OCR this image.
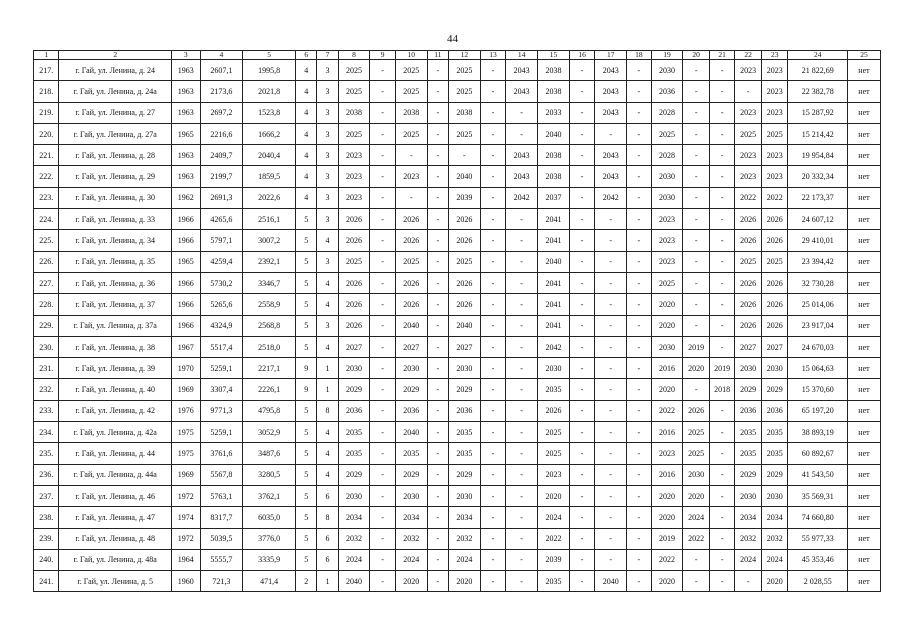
44
1	2	3	4	5	6	7	8	9	10	11	12	13	14	15	16	17	18	19	20	21	22	23	24	25
217.	г. Гай, ул. Ленина, д. 24	1963	2607,1	1995,8	4	3	2025	-	2025	-	2025	-	2043	2038	-	2043	-	2030	-	-	2023	2023	21 822,69	нет
218.	г. Гай, ул. Ленина, д. 24а	1963	2173,6	2021,8	4	3	2025	-	2025	-	2025	-	2043	2038	-	2043	-	2036	-	-	-	2023	22 382,78	нет
219.	г. Гай, ул. Ленина, д. 27	1963	2697,2	1523,8	4	3	2038	-	2038	-	2038	-	-	2033	-	2043	-	2028	-	-	2023	2023	15 287,92	нет
220.	г. Гай, ул. Ленина, д. 27а	1965	2216,6	1666,2	4	3	2025	-	2025	-	2025	-	-	2040	-	-	-	2025	-	-	2025	2025	15 214,42	нет
221.	г. Гай, ул. Ленина, д. 28	1963	2409,7	2040,4	4	3	2023	-	-	-	-	-	2043	2038	-	2043	-	2028	-	-	2023	2023	19 954,84	нет
222.	г. Гай, ул. Ленина, д. 29	1963	2199,7	1859,5	4	3	2023	-	2023	-	2040	-	2043	2038	-	2043	-	2030	-	-	2023	2023	20 332,34	нет
223.	г. Гай, ул. Ленина, д. 30	1962	2691,3	2022,6	4	3	2023	-	-	-	2039	-	2042	2037	-	2042	-	2030	-	-	2022	2022	22 173,37	нет
224.	г. Гай, ул. Ленина, д. 33	1966	4265,6	2516,1	5	3	2026	-	2026	-	2026	-	-	2041	-	-	-	2023	-	-	2026	2026	24 607,12	нет
225.	г. Гай, ул. Ленина, д. 34	1966	5797,1	3007,2	5	4	2026	-	2026	-	2026	-	-	2041	-	-	-	2023	-	-	2026	2026	29 410,01	нет
226.	г. Гай, ул. Ленина, д. 35	1965	4259,4	2392,1	5	3	2025	-	2025	-	2025	-	-	2040	-	-	-	2023	-	-	2025	2025	23 394,42	нет
227.	г. Гай, ул. Ленина, д. 36	1966	5730,2	3346,7	5	4	2026	-	2026	-	2026	-	-	2041	-	-	-	2025	-	-	2026	2026	32 730,28	нет
228.	г. Гай, ул. Ленина, д. 37	1966	5265,6	2558,9	5	4	2026	-	2026	-	2026	-	-	2041	-	-	-	2020	-	-	2026	2026	25 014,06	нет
229.	г. Гай, ул. Ленина, д. 37а	1966	4324,9	2568,8	5	3	2026	-	2040	-	2040	-	-	2041	-	-	-	2020	-	-	2026	2026	23 917,04	нет
230.	г. Гай, ул. Ленина, д. 38	1967	5517,4	2518,0	5	4	2027	-	2027	-	2027	-	-	2042	-	-	-	2030	2019	-	2027	2027	24 670,03	нет
231.	г. Гай, ул. Ленина, д. 39	1970	5259,1	2217,1	9	1	2030	-	2030	-	2030	-	-	2030	-	-	-	2016	2020	2019	2030	2030	15 064,63	нет
232.	г. Гай, ул. Ленина, д. 40	1969	3307,4	2226,1	9	1	2029	-	2029	-	2029	-	-	2035	-	-	-	2020	-	2018	2029	2029	15 370,60	нет
233.	г. Гай, ул. Ленина, д. 42	1976	9771,3	4795,8	5	8	2036	-	2036	-	2036	-	-	2026	-	-	-	2022	2026	-	2036	2036	65 197,20	нет
234.	г. Гай, ул. Ленина, д. 42а	1975	5259,1	3052,9	5	4	2035	-	2040	-	2035	-	-	2025	-	-	-	2016	2025	-	2035	2035	38 893,19	нет
235.	г. Гай, ул. Ленина, д. 44	1975	3761,6	3487,6	5	4	2035	-	2035	-	2035	-	-	2025	-	-	-	2023	2025	-	2035	2035	60 892,67	нет
236.	г. Гай, ул. Ленина, д. 44а	1969	5567,8	3280,5	5	4	2029	-	2029	-	2029	-	-	2023	-	-	-	2016	2030	-	2029	2029	41 543,50	нет
237.	г. Гай, ул. Ленина, д. 46	1972	5763,1	3762,1	5	6	2030	-	2030	-	2030	-	-	2020	-	-	-	2020	2020	-	2030	2030	35 569,31	нет
238.	г. Гай, ул. Ленина, д. 47	1974	8317,7	6035,0	5	8	2034	-	2034	-	2034	-	-	2024	-	-	-	2020	2024	-	2034	2034	74 660,80	нет
239.	г. Гай, ул. Ленина, д. 48	1972	5039,5	3776,0	5	6	2032	-	2032	-	2032	-	-	2022	-	-	-	2019	2022	-	2032	2032	55 977,33	нет
240.	г. Гай, ул. Ленина, д. 48а	1964	5555,7	3335,9	5	6	2024	-	2024	-	2024	-	-	2039	-	-	-	2022	-	-	2024	2024	45 353,46	нет
241.	г. Гай, ул. Ленина, д. 5	1960	721,3	471,4	2	1	2040	-	2020	-	2020	-	-	2035	-	2040	-	2020	-	-	-	2020	2 028,55	нет
